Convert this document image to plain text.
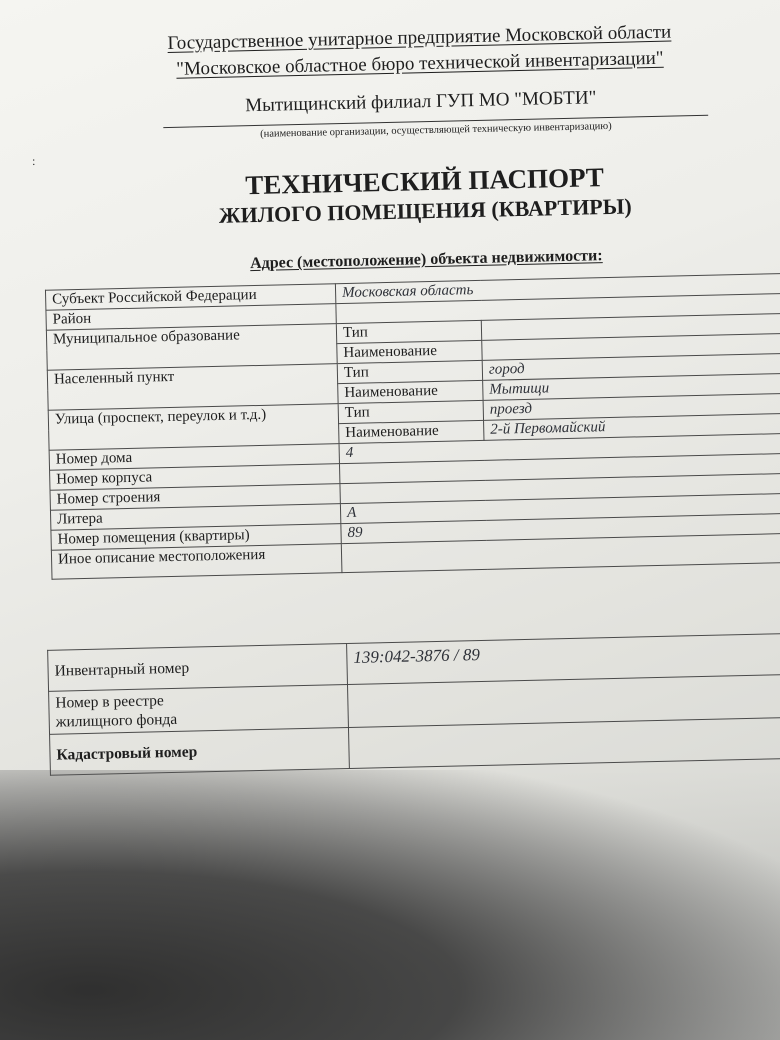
:
Государственное унитарное предприятие Московской области
"Московское областное бюро технической инвентаризации"
Мытищинский филиал ГУП МО "МОБТИ"
(наименование организации, осуществляющей техническую инвентаризацию)
ТЕХНИЧЕСКИЙ ПАСПОРТ
ЖИЛОГО ПОМЕЩЕНИЯ (КВАРТИРЫ)
Адрес (местоположение) объекта недвижимости:
Субъект Российской Федерации	Московская область	
Район		
Муниципальное образование	Тип	
	Наименование	
Населенный пункт	Тип	город
	Наименование	Мытищи
Улица (проспект, переулок и т.д.)	Тип	проезд
	Наименование	2-й Первомайский
Номер дома	4	
Номер корпуса		
Номер строения		
Литера	А	
Номер помещения (квартиры)	89	
Иное описание местоположения		
Инвентарный номер	139:042-3876 / 89

Номер в реестре
жилищного фонда	

Кадастровый номер	
